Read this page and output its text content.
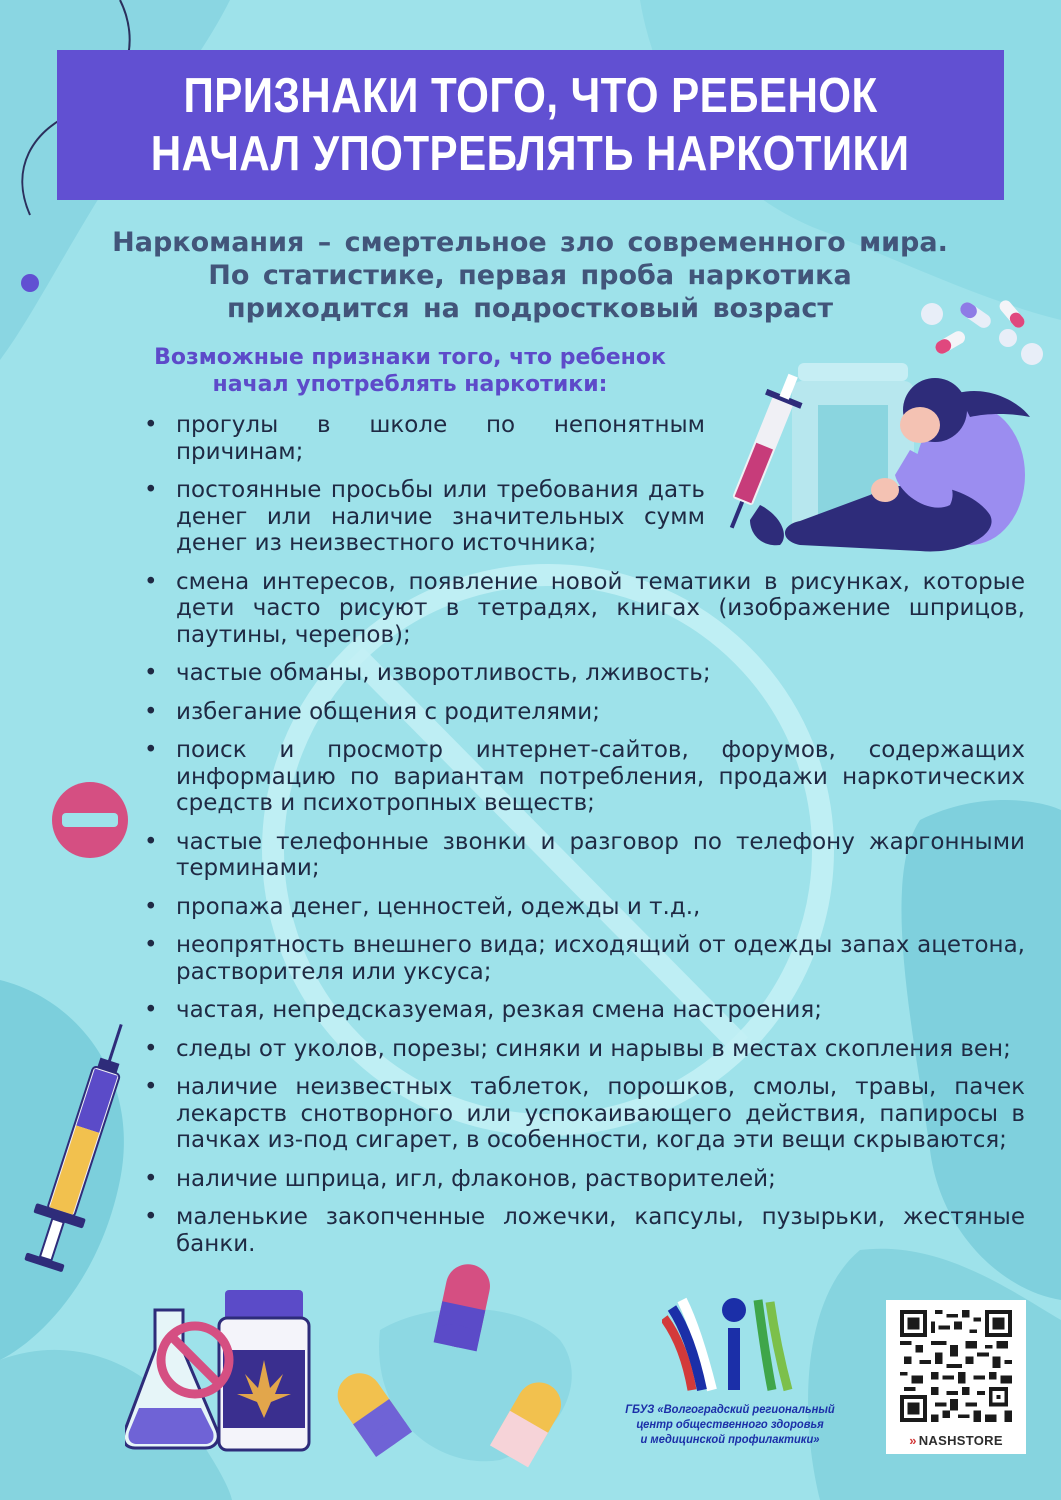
ПРИЗНАКИ ТОГО, ЧТО РЕБЕНОК
НАЧАЛ УПОТРЕБЛЯТЬ НАРКОТИКИ
Наркомания – смертельное зло современного мира.
По статистике, первая проба наркотика
приходится на подростковый возраст
Возможные признаки того, что ребенок
начал употреблять наркотики:
• прогулы в школе по непонятным причинам;
• постоянные просьбы или требования дать денег или наличие значительных сумм денег из неизвестного источника;
• смена интересов, появление новой тематики в рисунках, которые дети часто рисуют в тетрадях, книгах (изображение шприцов, паутины, черепов);
• частые обманы, изворотливость, лживость;
• избегание общения с родителями;
• поиск и просмотр интернет-сайтов, форумов, содержащих информацию по вариантам потребления, продажи наркотических средств и психотропных веществ;
• частые телефонные звонки и разговор по телефону жаргонными терминами;
• пропажа денег, ценностей, одежды и т.д.,
• неопрятность внешнего вида; исходящий от одежды запах ацетона, растворителя или уксуса;
• частая, непредсказуемая, резкая смена настроения;
• следы от уколов, порезы; синяки и нарывы в местах скопления вен;
• наличие неизвестных таблеток, порошков, смолы, травы, пачек лекарств снотворного или успокаивающего действия, папиросы в пачках из-под сигарет, в особенности, когда эти вещи скрываются;
• наличие шприца, игл, флаконов, растворителей;
• маленькие закопченные ложечки, капсулы, пузырьки, жестяные банки.
ГБУЗ «Волгоградский региональный
центр общественного здоровья
и медицинской профилактики»	» NASHSTORE
